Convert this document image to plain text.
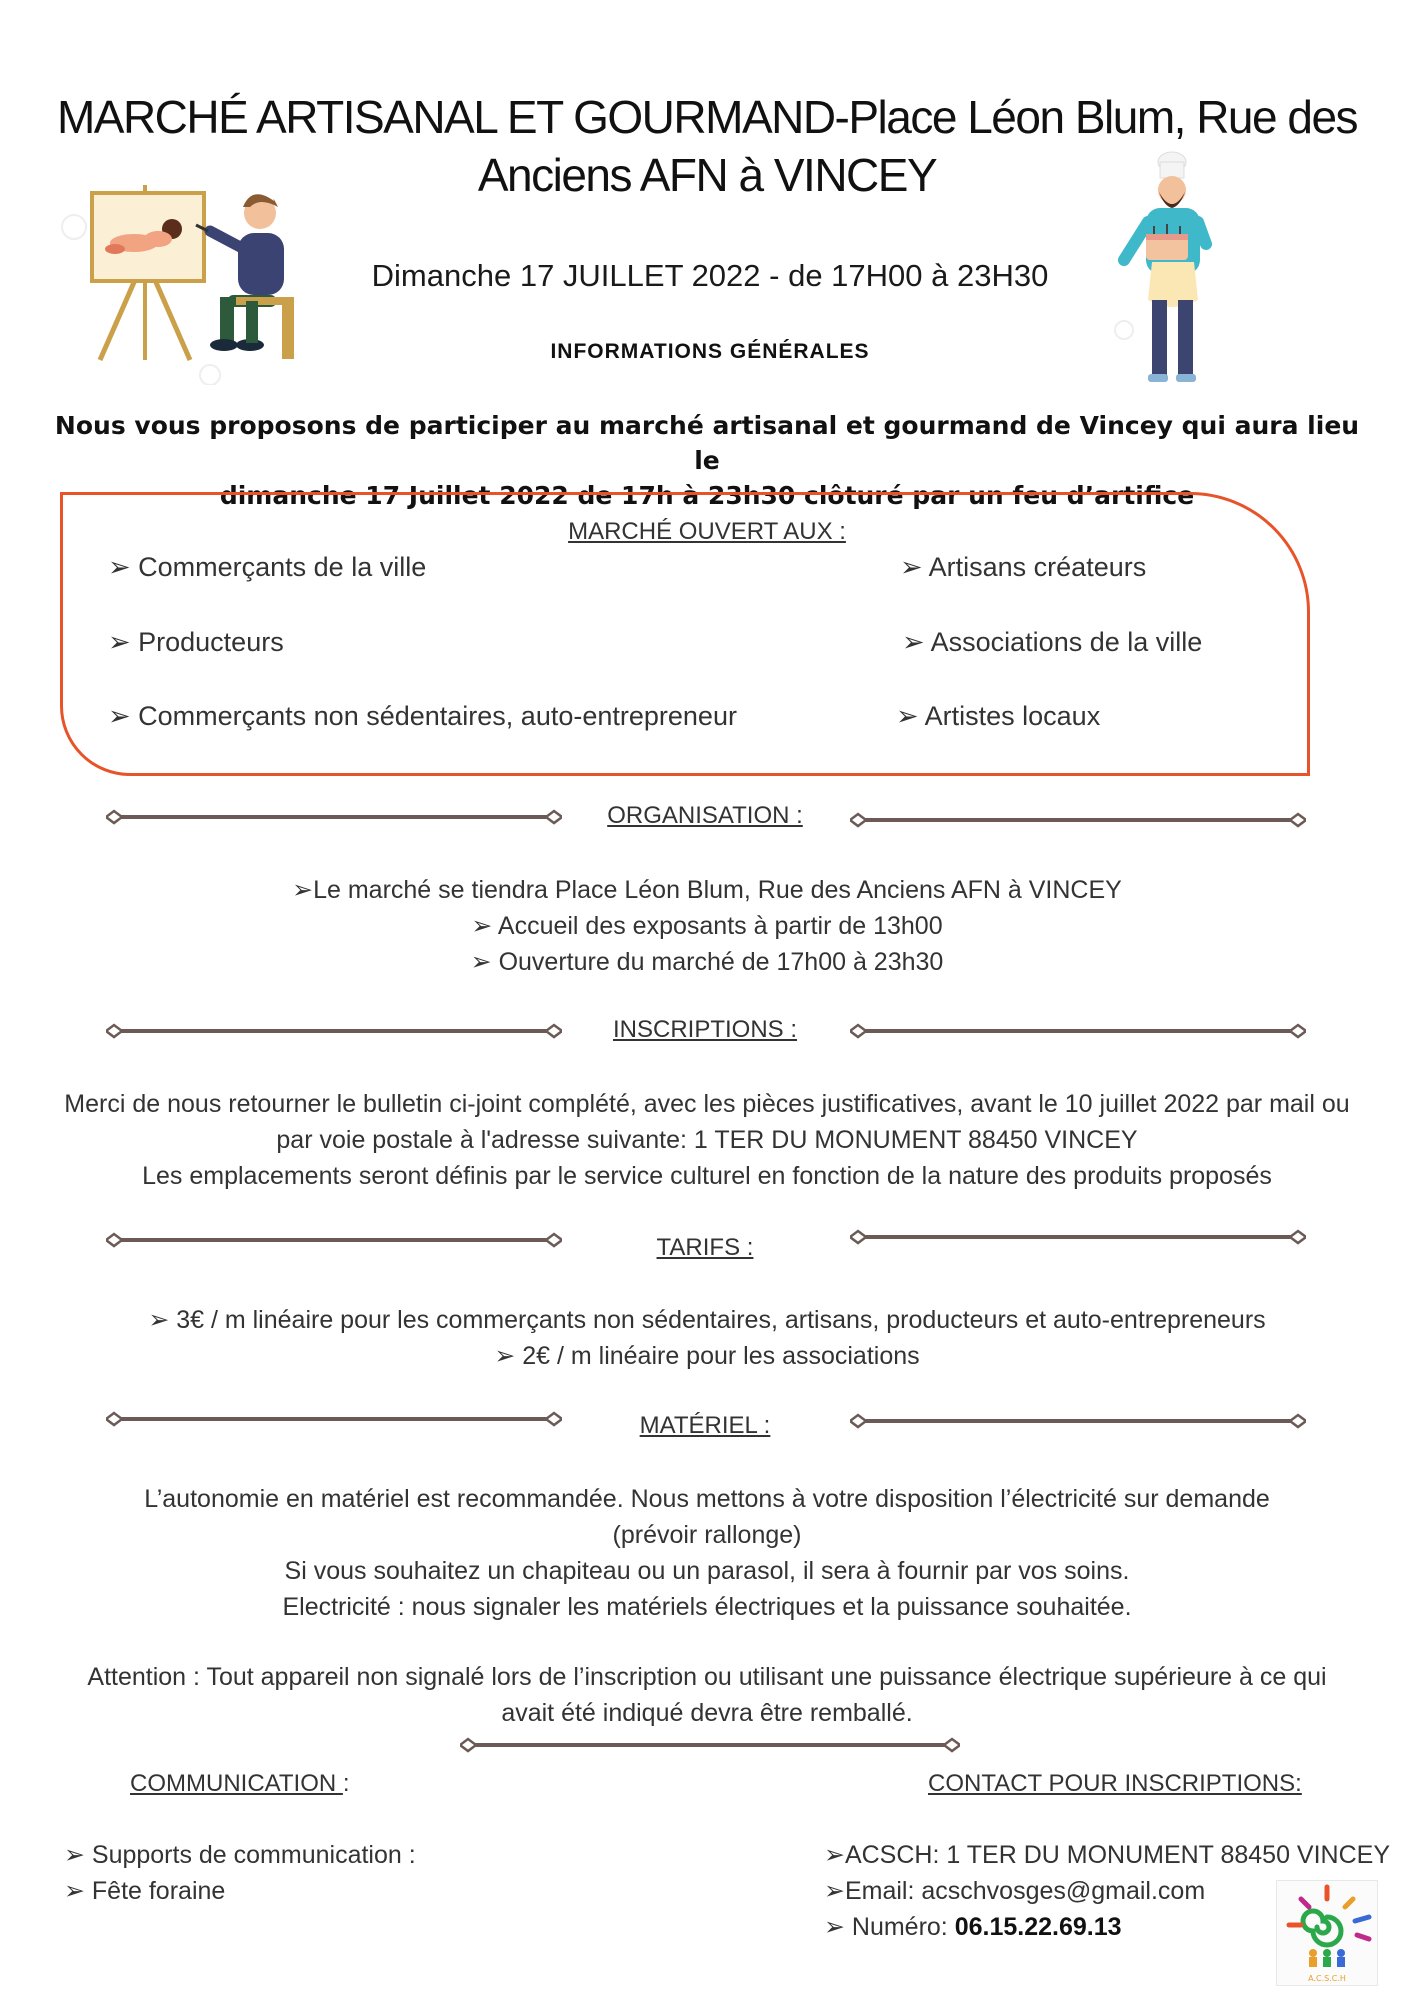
MARCHÉ ARTISANAL ET GOURMAND-Place Léon Blum, Rue des
Anciens AFN à VINCEY
Dimanche 17 JUILLET 2022 - de 17H00 à 23H30
INFORMATIONS GÉNÉRALES
Nous vous proposons de participer au marché artisanal et gourmand de Vincey qui aura lieu le
dimanche 17 Juillet 2022 de 17h à 23h30 clôturé par un feu d’artifice
MARCHÉ OUVERT AUX :
➢ Commerçants de la ville
➢ Producteurs
➢ Commerçants non sédentaires, auto-entrepreneur
➢ Artisans créateurs
➢ Associations de la ville
➢ Artistes locaux
ORGANISATION :
➢Le marché se tiendra Place Léon Blum, Rue des Anciens AFN à VINCEY
➢ Accueil des exposants à partir de 13h00
➢ Ouverture du marché de 17h00 à 23h30
INSCRIPTIONS :
Merci de nous retourner le bulletin ci-joint complété, avec les pièces justificatives, avant le 10 juillet 2022 par mail ou
par voie postale à l'adresse suivante: 1 TER DU MONUMENT 88450 VINCEY
Les emplacements seront définis par le service culturel en fonction de la nature des produits proposés
TARIFS :
➢ 3€ / m linéaire pour les commerçants non sédentaires, artisans, producteurs et auto-entrepreneurs
➢ 2€ / m linéaire pour les associations
MATÉRIEL :
L’autonomie en matériel est recommandée. Nous mettons à votre disposition l’électricité sur demande
(prévoir rallonge)
Si vous souhaitez un chapiteau ou un parasol, il sera à fournir par vos soins.
Electricité : nous signaler les matériels électriques et la puissance souhaitée.
Attention : Tout appareil non signalé lors de l’inscription ou utilisant une puissance électrique supérieure à ce qui
avait été indiqué devra être remballé.
COMMUNICATION :
➢ Supports de communication :
➢ Fête foraine
CONTACT POUR INSCRIPTIONS:
➢ACSCH: 1 TER DU MONUMENT 88450 VINCEY
➢Email: acschvosges@gmail.com
➢ Numéro: 06.15.22.69.13
A.C.S.C.H
